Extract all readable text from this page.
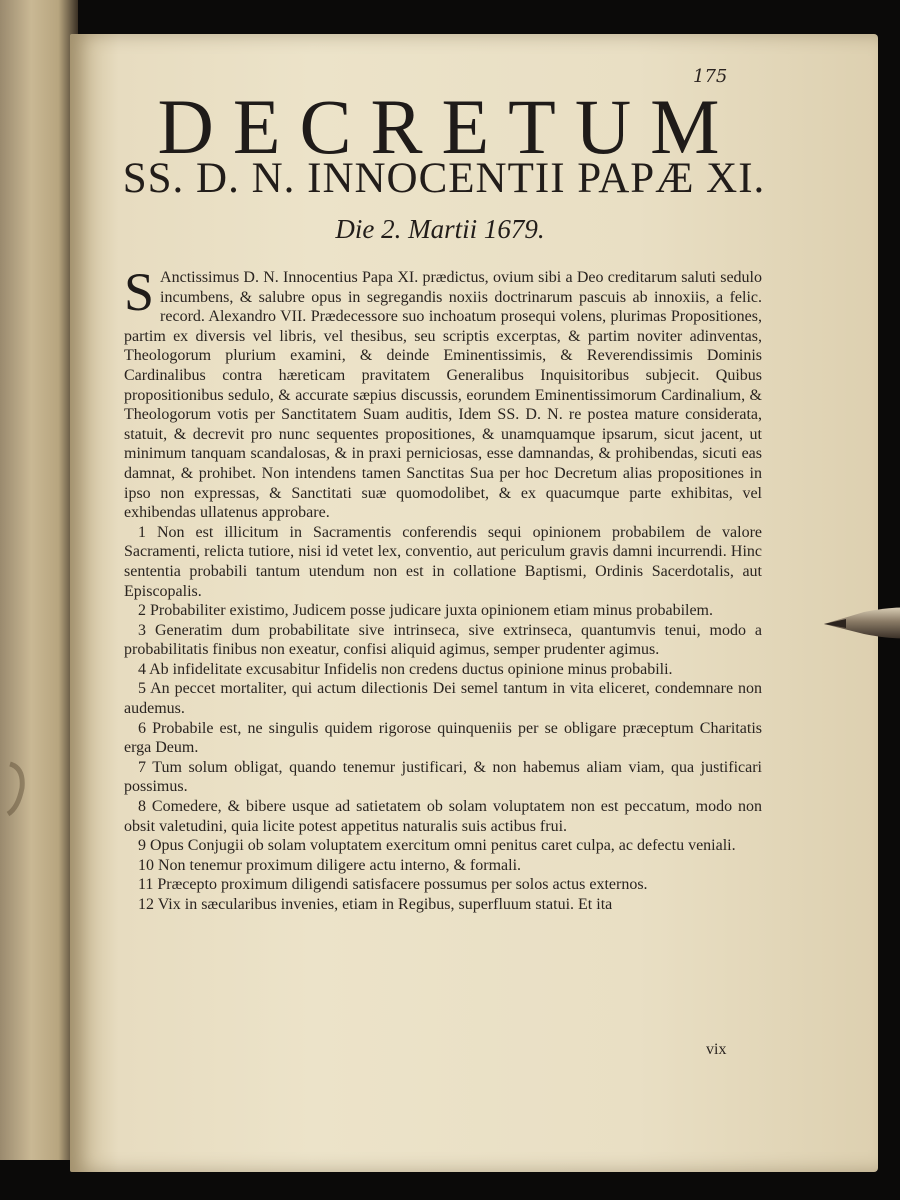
175
DECRETUM
SS. D. N. INNOCENTII PAPÆ XI.
Die 2. Martii 1679.

S Anctissimus D. N. Innocentius Papa XI. prædictus, ovium sibi a Deo creditarum saluti sedulo incumbens, & salubre opus in segregandis noxiis doctrinarum pascuis ab innoxiis, a felic. record. Alexandro VII. Prædecessore suo inchoatum prosequi volens, plurimas Propositiones, partim ex diversis vel libris, vel thesibus, seu scriptis excerptas, & partim noviter adinventas, Theologorum plurium examini, & deinde Eminentissimis, & Reverendissimis Dominis Cardinalibus contra hæreticam pravitatem Generalibus Inquisitoribus subjecit. Quibus propositionibus sedulo, & accurate sæpius discussis, eorundem Eminentissimorum Cardinalium, & Theologorum votis per Sanctitatem Suam auditis, Idem SS. D. N. re postea mature considerata, statuit, & decrevit pro nunc sequentes propositiones, & unamquamque ipsarum, sicut jacent, ut minimum tanquam scandalosas, & in praxi perniciosas, esse damnandas, & prohibendas, sicuti eas damnat, & prohibet. Non intendens tamen Sanctitas Sua per hoc Decretum alias propositiones in ipso non expressas, & Sanctitati suæ quomodolibet, & ex quacumque parte exhibitas, vel exhibendas ullatenus approbare.

1 Non est illicitum in Sacramentis conferendis sequi opinionem probabilem de valore Sacramenti, relicta tutiore, nisi id vetet lex, conventio, aut periculum gravis damni incurrendi. Hinc sententia probabili tantum utendum non est in collatione Baptismi, Ordinis Sacerdotalis, aut Episcopalis.

2 Probabiliter existimo, Judicem posse judicare juxta opinionem etiam minus probabilem.

3 Generatim dum probabilitate sive intrinseca, sive extrinseca, quantumvis tenui, modo a probabilitatis finibus non exeatur, confisi aliquid agimus, semper prudenter agimus.

4 Ab infidelitate excusabitur Infidelis non credens ductus opinione minus probabili.

5 An peccet mortaliter, qui actum dilectionis Dei semel tantum in vita eliceret, condemnare non audemus.

6 Probabile est, ne singulis quidem rigorose quinqueniis per se obligare præceptum Charitatis erga Deum.

7 Tum solum obligat, quando tenemur justificari, & non habemus aliam viam, qua justificari possimus.

8 Comedere, & bibere usque ad satietatem ob solam voluptatem non est peccatum, modo non obsit valetudini, quia licite potest appetitus naturalis suis actibus frui.

9 Opus Conjugii ob solam voluptatem exercitum omni penitus caret culpa, ac defectu veniali.

10 Non tenemur proximum diligere actu interno, & formali.

11 Præcepto proximum diligendi satisfacere possumus per solos actus externos.

12 Vix in sæcularibus invenies, etiam in Regibus, superfluum statui. Et ita

vix
